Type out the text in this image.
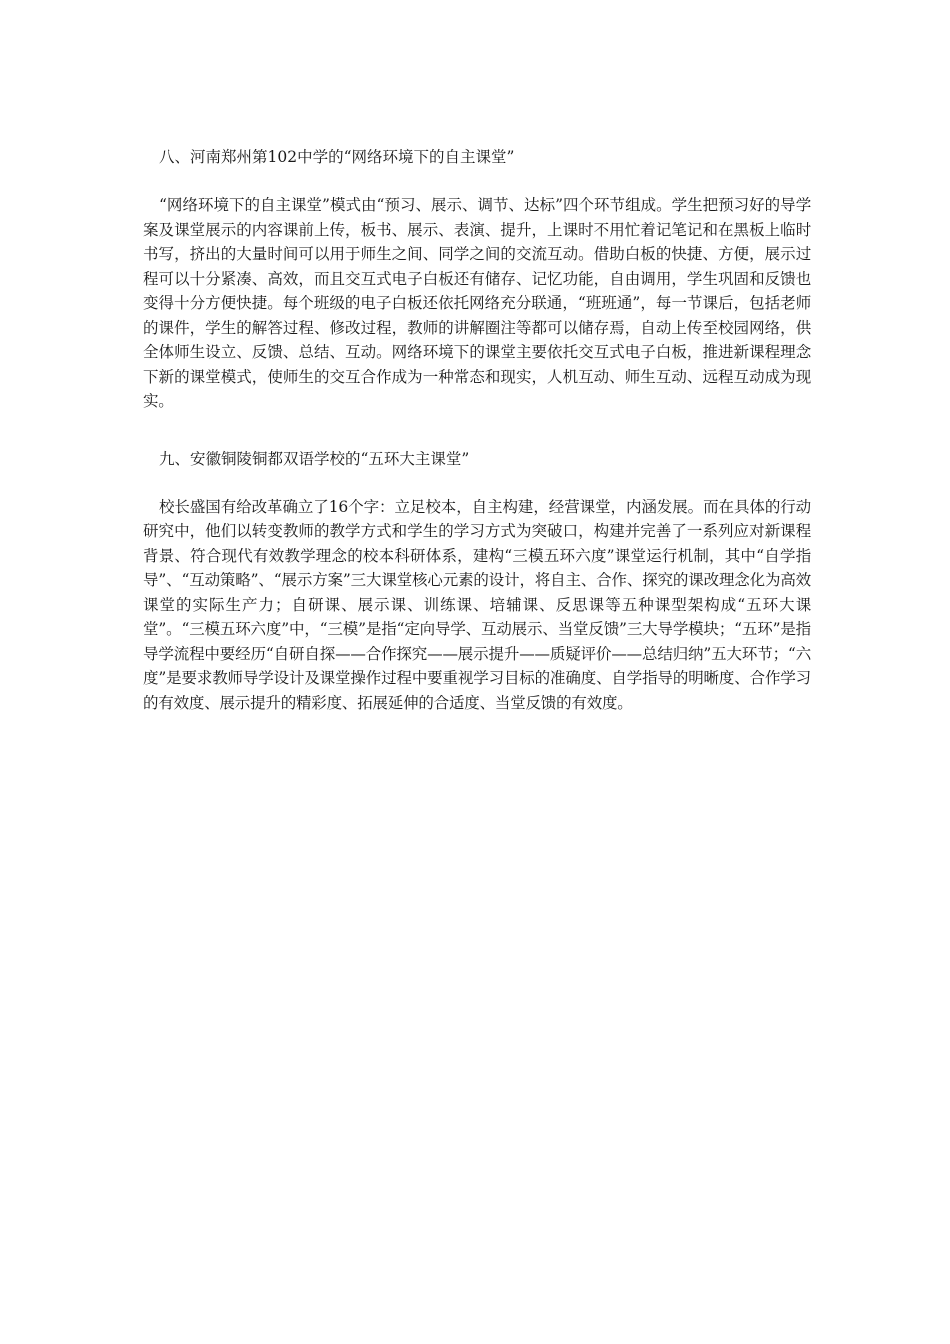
八、河南郑州第102中学的“网络环境下的自主课堂”

“网络环境下的自主课堂”模式由“预习、展示、调节、达标”四个环节组成。学生把预习好的导学案及课堂展示的内容课前上传，板书、展示、表演、提升，上课时不用忙着记笔记和在黑板上临时书写，挤出的大量时间可以用于师生之间、同学之间的交流互动。借助白板的快捷、方便，展示过程可以十分紧凑、高效，而且交互式电子白板还有储存、记忆功能，自由调用，学生巩固和反馈也变得十分方便快捷。每个班级的电子白板还依托网络充分联通，“班班通”，每一节课后，包括老师的课件，学生的解答过程、修改过程，教师的讲解圈注等都可以储存焉，自动上传至校园网络，供全体师生设立、反馈、总结、互动。网络环境下的课堂主要依托交互式电子白板，推进新课程理念下新的课堂模式，使师生的交互合作成为一种常态和现实，人机互动、师生互动、远程互动成为现实。

九、安徽铜陵铜都双语学校的“五环大主课堂”

校长盛国有给改革确立了16个字：立足校本，自主构建，经营课堂，内涵发展。而在具体的行动研究中，他们以转变教师的教学方式和学生的学习方式为突破口，构建并完善了一系列应对新课程背景、符合现代有效教学理念的校本科研体系，建构“三模五环六度”课堂运行机制，其中“自学指导”、“互动策略”、“展示方案”三大课堂核心元素的设计，将自主、合作、探究的课改理念化为高效课堂的实际生产力；自研课、展示课、训练课、培辅课、反思课等五种课型架构成“五环大课堂”。“三模五环六度”中，“三模”是指“定向导学、互动展示、当堂反馈”三大导学模块；“五环”是指导学流程中要经历“自研自探——合作探究——展示提升——质疑评价——总结归纳”五大环节；“六度”是要求教师导学设计及课堂操作过程中要重视学习目标的准确度、自学指导的明晰度、合作学习的有效度、展示提升的精彩度、拓展延伸的合适度、当堂反馈的有效度。
